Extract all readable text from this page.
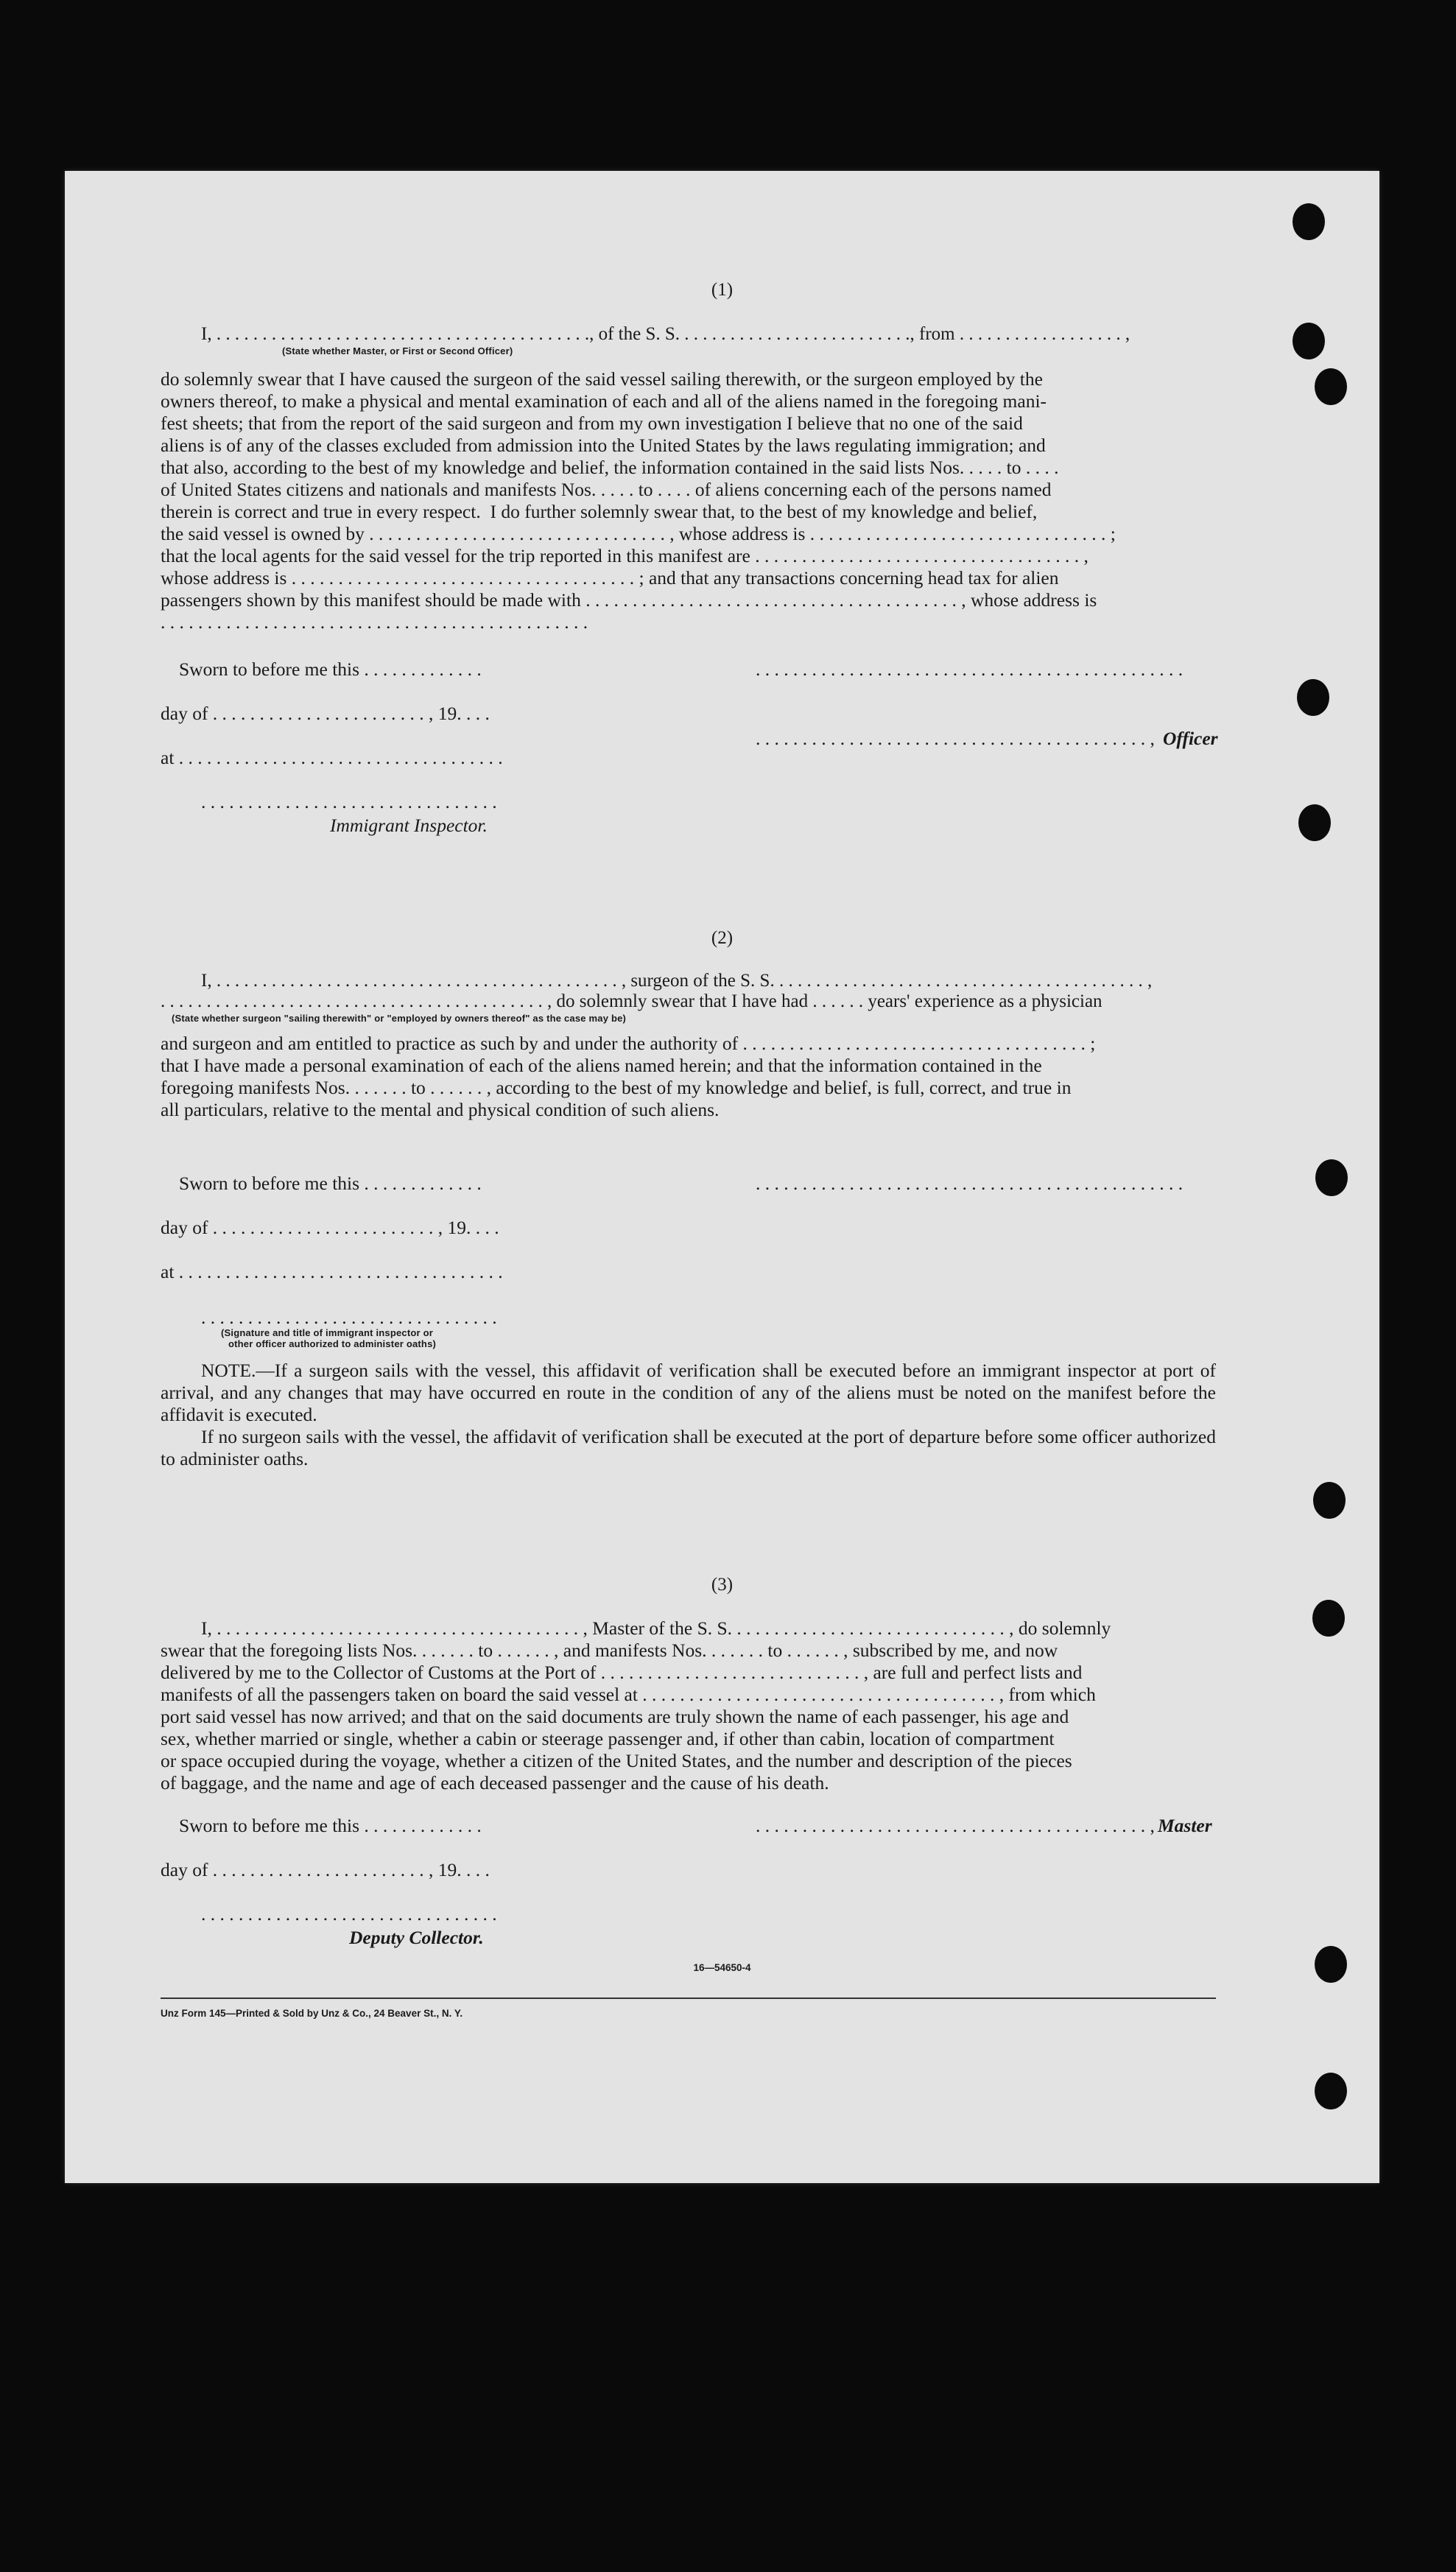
(1)
I, . . . . . . . . . . . . . . . . . . . . . . . . . . . . . . . . . . . . . . . . ., of the S. S. . . . . . . . . . . . . . . . . . . . . . . . . ., from . . . . . . . . . . . . . . . . . . ,
(State whether Master, or First or Second Officer)
do solemnly swear that I have caused the surgeon of the said vessel sailing therewith, or the surgeon employed by the
owners thereof, to make a physical and mental examination of each and all of the aliens named in the foregoing mani-
fest sheets; that from the report of the said surgeon and from my own investigation I believe that no one of the said
aliens is of any of the classes excluded from admission into the United States by the laws regulating immigration; and
that also, according to the best of my knowledge and belief, the information contained in the said lists Nos. . . . . to . . . .
of United States citizens and nationals and manifests Nos. . . . . to . . . . of aliens concerning each of the persons named
therein is correct and true in every respect.  I do further solemnly swear that, to the best of my knowledge and belief,
the said vessel is owned by . . . . . . . . . . . . . . . . . . . . . . . . . . . . . . . . , whose address is . . . . . . . . . . . . . . . . . . . . . . . . . . . . . . . . ;
that the local agents for the said vessel for the trip reported in this manifest are . . . . . . . . . . . . . . . . . . . . . . . . . . . . . . . . . . . ,
whose address is . . . . . . . . . . . . . . . . . . . . . . . . . . . . . . . . . . . . . ; and that any transactions concerning head tax for alien
passengers shown by this manifest should be made with . . . . . . . . . . . . . . . . . . . . . . . . . . . . . . . . . . . . . . . . , whose address is
. . . . . . . . . . . . . . . . . . . . . . . . . . . . . . . . . . . . . . . . . . . . . .
Sworn to before me this . . . . . . . . . . . . .	. . . . . . . . . . . . . . . . . . . . . . . . . . . . . . . . . . . . . . . . . . . . . .
day of . . . . . . . . . . . . . . . . . . . . . . . , 19. . . .
. . . . . . . . . . . . . . . . . . . . . . . . . . . . . . . . . . . . . . . . . . , Officer
at . . . . . . . . . . . . . . . . . . . . . . . . . . . . . . . . . . .
. . . . . . . . . . . . . . . . . . . . . . . . . . . . . . . .
Immigrant Inspector.
(2)
I, . . . . . . . . . . . . . . . . . . . . . . . . . . . . . . . . . . . . . . . . . . . . , surgeon of the S. S. . . . . . . . . . . . . . . . . . . . . . . . . . . . . . . . . . . . . . . . . ,
. . . . . . . . . . . . . . . . . . . . . . . . . . . . . . . . . . . . . . . . . . , do solemnly swear that I have had . . . . . . years' experience as a physician
(State whether surgeon "sailing therewith" or "employed by owners thereof" as the case may be)
and surgeon and am entitled to practice as such by and under the authority of . . . . . . . . . . . . . . . . . . . . . . . . . . . . . . . . . . . . . ;
that I have made a personal examination of each of the aliens named herein; and that the information contained in the
foregoing manifests Nos. . . . . . . to . . . . . . , according to the best of my knowledge and belief, is full, correct, and true in
all particulars, relative to the mental and physical condition of such aliens.
Sworn to before me this . . . . . . . . . . . . .	. . . . . . . . . . . . . . . . . . . . . . . . . . . . . . . . . . . . . . . . . . . . . .
day of . . . . . . . . . . . . . . . . . . . . . . . . , 19. . . .
at . . . . . . . . . . . . . . . . . . . . . . . . . . . . . . . . . . .
. . . . . . . . . . . . . . . . . . . . . . . . . . . . . . . .
(Signature and title of immigrant inspector or
other officer authorized to administer oaths)
NOTE.—If a surgeon sails with the vessel, this affidavit of verification shall be executed before an immigrant inspector at port of arrival, and any changes that may have occurred en route in the condition of any of the aliens must be noted on the manifest before the affidavit is executed.
If no surgeon sails with the vessel, the affidavit of verification shall be executed at the port of departure before some officer authorized to administer oaths.
(3)
I, . . . . . . . . . . . . . . . . . . . . . . . . . . . . . . . . . . . . . . . , Master of the S. S. . . . . . . . . . . . . . . . . . . . . . . . . . . . . . , do solemnly
swear that the foregoing lists Nos. . . . . . . to . . . . . . , and manifests Nos. . . . . . . to . . . . . . , subscribed by me, and now
delivered by me to the Collector of Customs at the Port of . . . . . . . . . . . . . . . . . . . . . . . . . . . . , are full and perfect lists and
manifests of all the passengers taken on board the said vessel at . . . . . . . . . . . . . . . . . . . . . . . . . . . . . . . . . . . . . . , from which
port said vessel has now arrived; and that on the said documents are truly shown the name of each passenger, his age and
sex, whether married or single, whether a cabin or steerage passenger and, if other than cabin, location of compartment
or space occupied during the voyage, whether a citizen of the United States, and the number and description of the pieces
of baggage, and the name and age of each deceased passenger and the cause of his death.
Sworn to before me this . . . . . . . . . . . . .	. . . . . . . . . . . . . . . . . . . . . . . . . . . . . . . . . . . . . . . . . . , Master
day of . . . . . . . . . . . . . . . . . . . . . . . , 19. . . .
. . . . . . . . . . . . . . . . . . . . . . . . . . . . . . . .
Deputy Collector.
16—54650-4
Unz Form 145—Printed & Sold by Unz & Co., 24 Beaver St., N. Y.
